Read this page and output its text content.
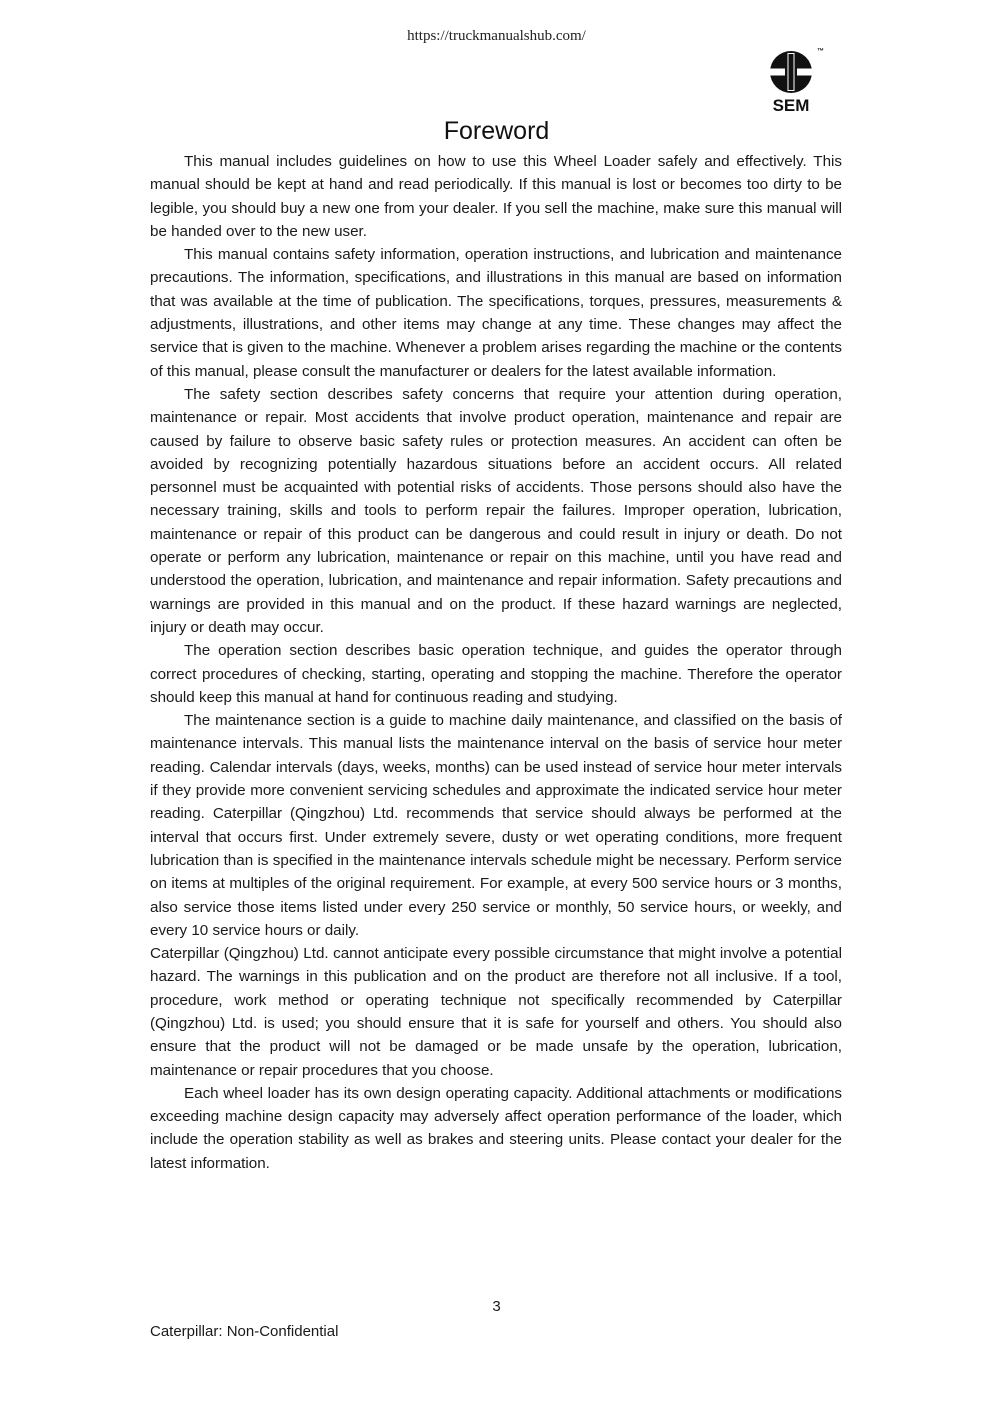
https://truckmanualshub.com/
™
SEM
Foreword

This manual includes guidelines on how to use this Wheel Loader safely and effectively. This manual should be kept at hand and read periodically. If this manual is lost or becomes too dirty to be legible, you should buy a new one from your dealer. If you sell the machine, make sure this manual will be handed over to the new user.

This manual contains safety information, operation instructions, and lubrication and maintenance precautions. The information, specifications, and illustrations in this manual are based on information that was available at the time of publication. The specifications, torques, pressures, measurements & adjustments, illustrations, and other items may change at any time. These changes may affect the service that is given to the machine. Whenever a problem arises regarding the machine or the contents of this manual, please consult the manufacturer or dealers for the latest available information.

The safety section describes safety concerns that require your attention during operation, maintenance or repair. Most accidents that involve product operation, maintenance and repair are caused by failure to observe basic safety rules or protection measures. An accident can often be avoided by recognizing potentially hazardous situations before an accident occurs. All related personnel must be acquainted with potential risks of accidents. Those persons should also have the necessary training, skills and tools to perform repair the failures. Improper operation, lubrication, maintenance or repair of this product can be dangerous and could result in injury or death. Do not operate or perform any lubrication, maintenance or repair on this machine, until you have read and understood the operation, lubrication, and maintenance and repair information. Safety precautions and warnings are provided in this manual and on the product. If these hazard warnings are neglected, injury or death may occur.

The operation section describes basic operation technique, and guides the operator through correct procedures of checking, starting, operating and stopping the machine. Therefore the operator should keep this manual at hand for continuous reading and studying.

The maintenance section is a guide to machine daily maintenance, and classified on the basis of maintenance intervals. This manual lists the maintenance interval on the basis of service hour meter reading. Calendar intervals (days, weeks, months) can be used instead of service hour meter intervals if they provide more convenient servicing schedules and approximate the indicated service hour meter reading. Caterpillar (Qingzhou) Ltd. recommends that service should always be performed at the interval that occurs first. Under extremely severe, dusty or wet operating conditions, more frequent lubrication than is specified in the maintenance intervals schedule might be necessary. Perform service on items at multiples of the original requirement. For example, at every 500 service hours or 3 months, also service those items listed under every 250 service or monthly, 50 service hours, or weekly, and every 10 service hours or daily.

Caterpillar (Qingzhou) Ltd. cannot anticipate every possible circumstance that might involve a potential hazard. The warnings in this publication and on the product are therefore not all inclusive. If a tool, procedure, work method or operating technique not specifically recommended by Caterpillar (Qingzhou) Ltd. is used; you should ensure that it is safe for yourself and others. You should also ensure that the product will not be damaged or be made unsafe by the operation, lubrication, maintenance or repair procedures that you choose.

Each wheel loader has its own design operating capacity. Additional attachments or modifications exceeding machine design capacity may adversely affect operation performance of the loader, which include the operation stability as well as brakes and steering units. Please contact your dealer for the latest information.

3
Caterpillar: Non-Confidential
